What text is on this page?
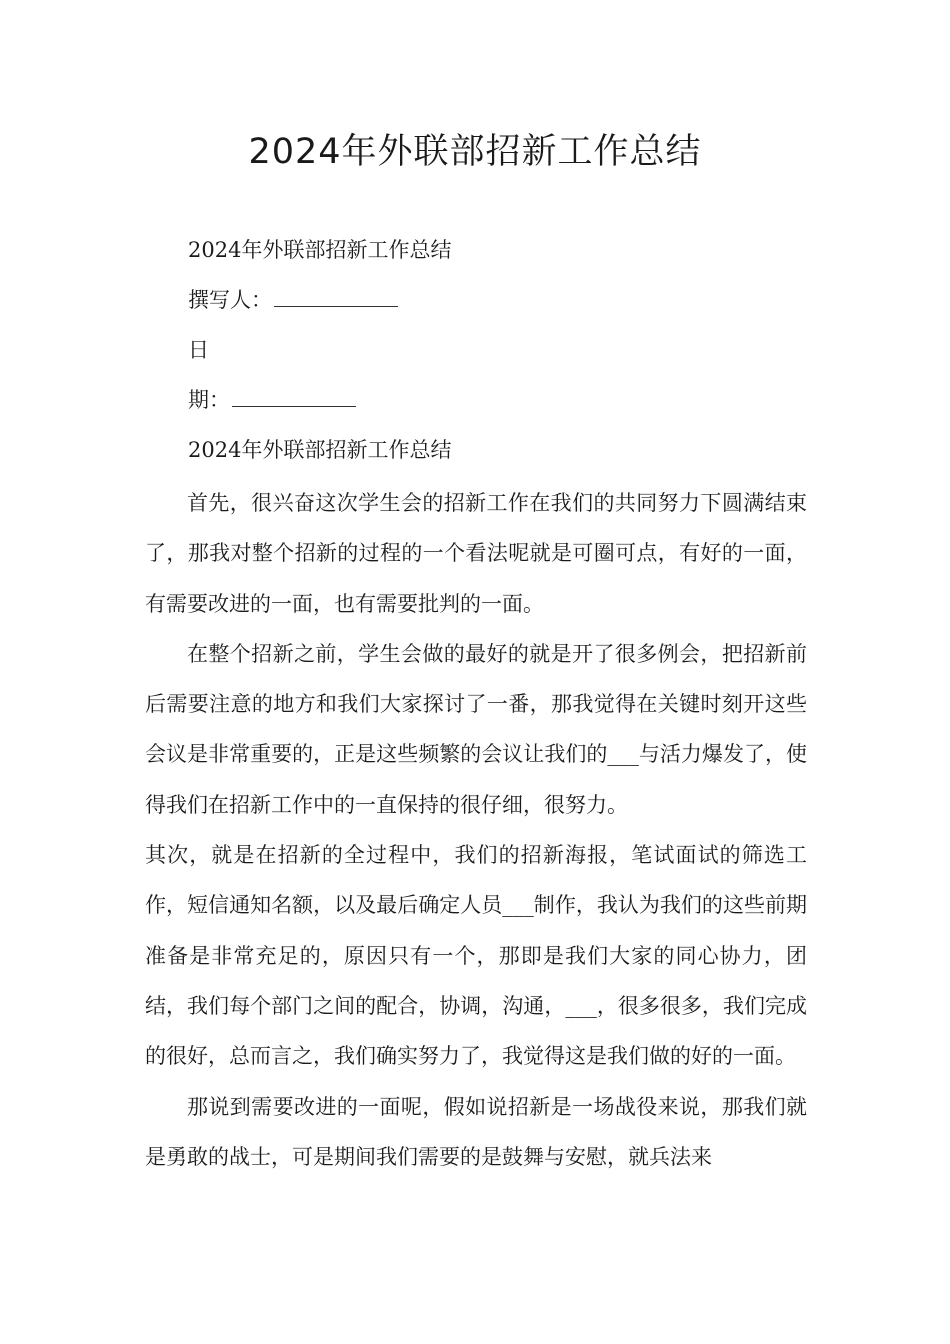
2024年外联部招新工作总结
2024年外联部招新工作总结
撰写人：
日
期：
2024年外联部招新工作总结

首先，很兴奋这次学生会的招新工作在我们的共同努力下圆满结束了，那我对整个招新的过程的一个看法呢就是可圈可点，有好的一面，有需要改进的一面，也有需要批判的一面。

在整个招新之前，学生会做的最好的就是开了很多例会，把招新前后需要注意的地方和我们大家探讨了一番，那我觉得在关键时刻开这些会议是非常重要的，正是这些频繁的会议让我们的___与活力爆发了，使得我们在招新工作中的一直保持的很仔细，很努力。

其次，就是在招新的全过程中，我们的招新海报，笔试面试的筛选工作，短信通知名额，以及最后确定人员___制作，我认为我们的这些前期准备是非常充足的，原因只有一个，那即是我们大家的同心协力，团结，我们每个部门之间的配合，协调，沟通，___，很多很多，我们完成的很好，总而言之，我们确实努力了，我觉得这是我们做的好的一面。

那说到需要改进的一面呢，假如说招新是一场战役来说，那我们就是勇敢的战士，可是期间我们需要的是鼓舞与安慰，就兵法来
